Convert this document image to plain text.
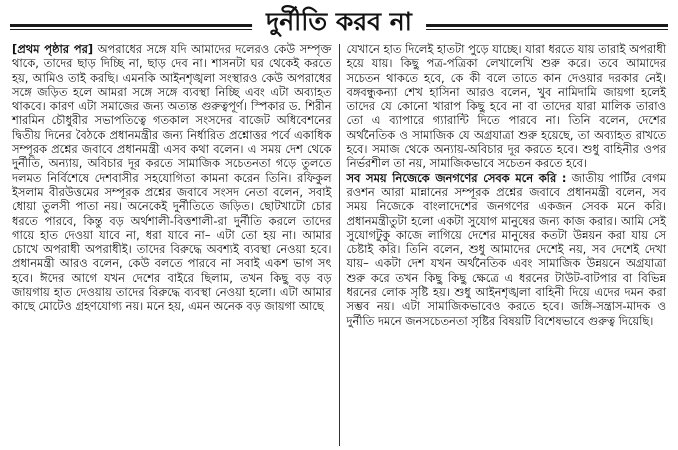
দুর্নীতি করব না

[প্রথম পৃষ্ঠার পর] অপরাধের সঙ্গে যদি আমাদের দলেরও কেউ সম্পৃক্ত থাকে, তাদের ছাড় দিচ্ছি না, ছাড় দেব না। শাসনটা ঘর থেকেই করতে হয়, আমিও তাই করছি। এমনকি আইনশৃঙ্খলা সংস্থারও কেউ অপরাধের সঙ্গে জড়িত হলে আমরা সঙ্গে সঙ্গে ব্যবস্থা নিচ্ছি এবং এটা অব্যাহত থাকবে। কারণ এটা সমাজের জন্য অত্যন্ত গুরুত্বপূর্ণ। স্পিকার ড. শিরীন শারমিন চৌধুরীর সভাপতিত্বে গতকাল সংসদের বাজেট অধিবেশনের দ্বিতীয় দিনের বৈঠকে প্রধানমন্ত্রীর জন্য নির্ধারিত প্রশ্নোত্তর পর্বে একাধিক সম্পূরক প্রশ্নের জবাবে প্রধানমন্ত্রী এসব কথা বলেন। এ সময় দেশ থেকে দুর্নীতি, অন্যায়, অবিচার দূর করতে সামাজিক সচেতনতা গড়ে তুলতে দলমত নির্বিশেষে দেশবাসীর সহযোগিতা কামনা করেন তিনি। রফিকুল ইসলাম বীরউত্তমের সম্পূরক প্রশ্নের জবাবে সংসদ নেতা বলেন, সবাই ধোয়া তুলসী পাতা নয়। অনেকেই দুর্নীতিতে জড়িত। ছোটখাটো চোর ধরতে পারবে, কিন্তু বড় অর্থশালী-বিত্তশালী-রা দুর্নীতি করলে তাদের গায়ে হাত দেওয়া যাবে না, ধরা যাবে না– এটা তো হয় না। আমার চোখে অপরাধী অপরাধীই। তাদের বিরুদ্ধে অবশ্যই ব্যবস্থা নেওয়া হবে। প্রধানমন্ত্রী আরও বলেন, কেউ বলতে পারবে না সবাই একশ ভাগ সৎ হবে। ঈদের আগে যখন দেশের বাইরে ছিলাম, তখন কিছু বড় বড় জায়গায় হাত দেওয়ায় তাদের বিরুদ্ধে ব্যবস্থা নেওয়া হলো। এটা আমার কাছে মোটেও গ্রহণযোগ্য নয়। মনে হয়, এমন অনেক বড় জায়গা আছে

যেখানে হাত দিলেই হাতটা পুড়ে যাচ্ছে। যারা ধরতে যায় তারাই অপরাধী হয়ে যায়। কিছু পত্র-পত্রিকা লেখালেখি শুরু করে। তবে আমাদের সচেতন থাকতে হবে, কে কী বলে তাতে কান দেওয়ার দরকার নেই। বঙ্গবন্ধুকন্যা শেখ হাসিনা আরও বলেন, খুব নামিদামি জায়গা হলেই তাদের যে কোনো খারাপ কিছু হবে না বা তাদের যারা মালিক তারাও তো এ ব্যাপারে গ্যারান্টি দিতে পারবে না। তিনি বলেন, দেশের অর্থনৈতিক ও সামাজিক যে অগ্রযাত্রা শুরু হয়েছে, তা অব্যাহত রাখতে হবে। সমাজ থেকে অন্যায়-অবিচার দূর করতে হবে। শুধু বাহিনীর ওপর নির্ভরশীল তা নয়, সামাজিকভাবে সচেতন করতে হবে।

সব সময় নিজেকে জনগণের সেবক মনে করি : জাতীয় পার্টির বেগম রওশন আরা মান্নানের সম্পূরক প্রশ্নের জবাবে প্রধানমন্ত্রী বলেন, সব সময় নিজেকে বাংলাদেশের জনগণের একজন সেবক মনে করি। প্রধানমন্ত্রীতুটা হলো একটা সুযোগ মানুষের জন্য কাজ করার। আমি সেই সুযোগটুকু কাজে লাগিয়ে দেশের মানুষের কতটা উন্নয়ন করা যায় সে চেষ্টাই করি। তিনি বলেন, শুধু আমাদের দেশেই নয়, সব দেশেই দেখা যায়– একটা দেশ যখন অর্থনৈতিক এবং সামাজিক উন্নয়নে অগ্রযাত্রা শুরু করে তখন কিছু কিছু ক্ষেত্রে এ ধরনের টাউট-বাটপার বা বিভিন্ন ধরনের লোক সৃষ্টি হয়। শুধু আইনশৃঙ্খলা বাহিনী দিয়ে এদের দমন করা সম্ভব নয়। এটা সামাজিকভাবেও করতে হবে। জঙ্গি-সন্ত্রাস-মাদক ও দুর্নীতি দমনে জনসচেতনতা সৃষ্টির বিষয়টি বিশেষভাবে গুরুত্ব দিয়েছি।
